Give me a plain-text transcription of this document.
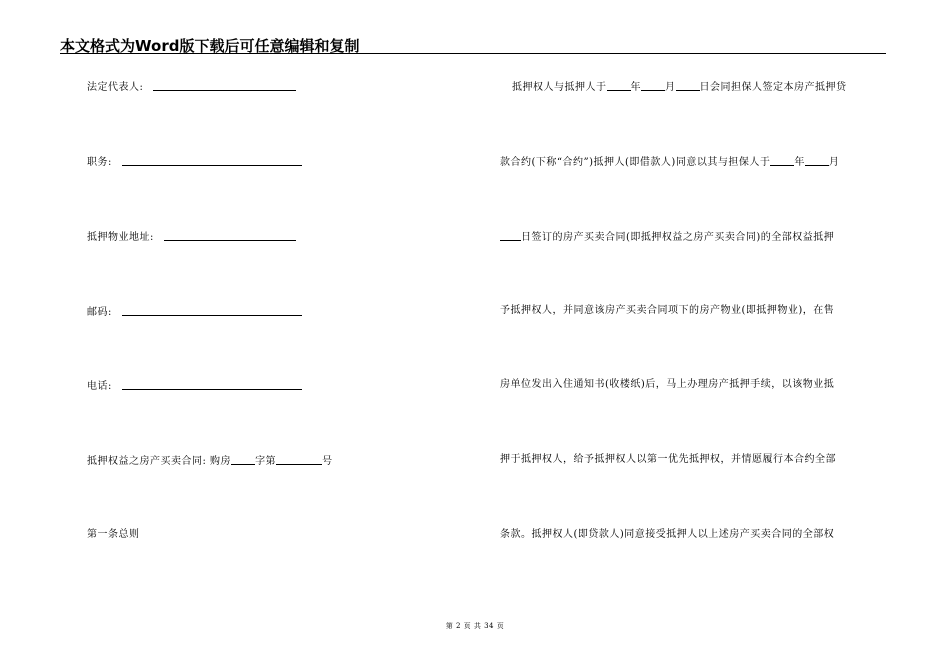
本文格式为Word版下载后可任意编辑和复制
法定代表人:
职务:
抵押物业地址:
邮码:
电话:
抵押权益之房产买卖合同: 购房 字第	号
第一条总则
抵押权人与抵押人于 年 月 日会同担保人签定本房产抵押贷
款合约(下称“合约”)抵押人(即借款人)同意以其与担保人于 年 月
日签订的房产买卖合同(即抵押权益之房产买卖合同)的全部权益抵押
予抵押权人，并同意该房产买卖合同项下的房产物业(即抵押物业)，在售
房单位发出入住通知书(收楼纸)后，马上办理房产抵押手续，以该物业抵
押于抵押权人，给予抵押权人以第一优先抵押权，并情愿履行本合约全部
条款。抵押权人(即贷款人)同意接受抵押人以上述房产买卖合同的全部权
第 2 页 共 34 页
